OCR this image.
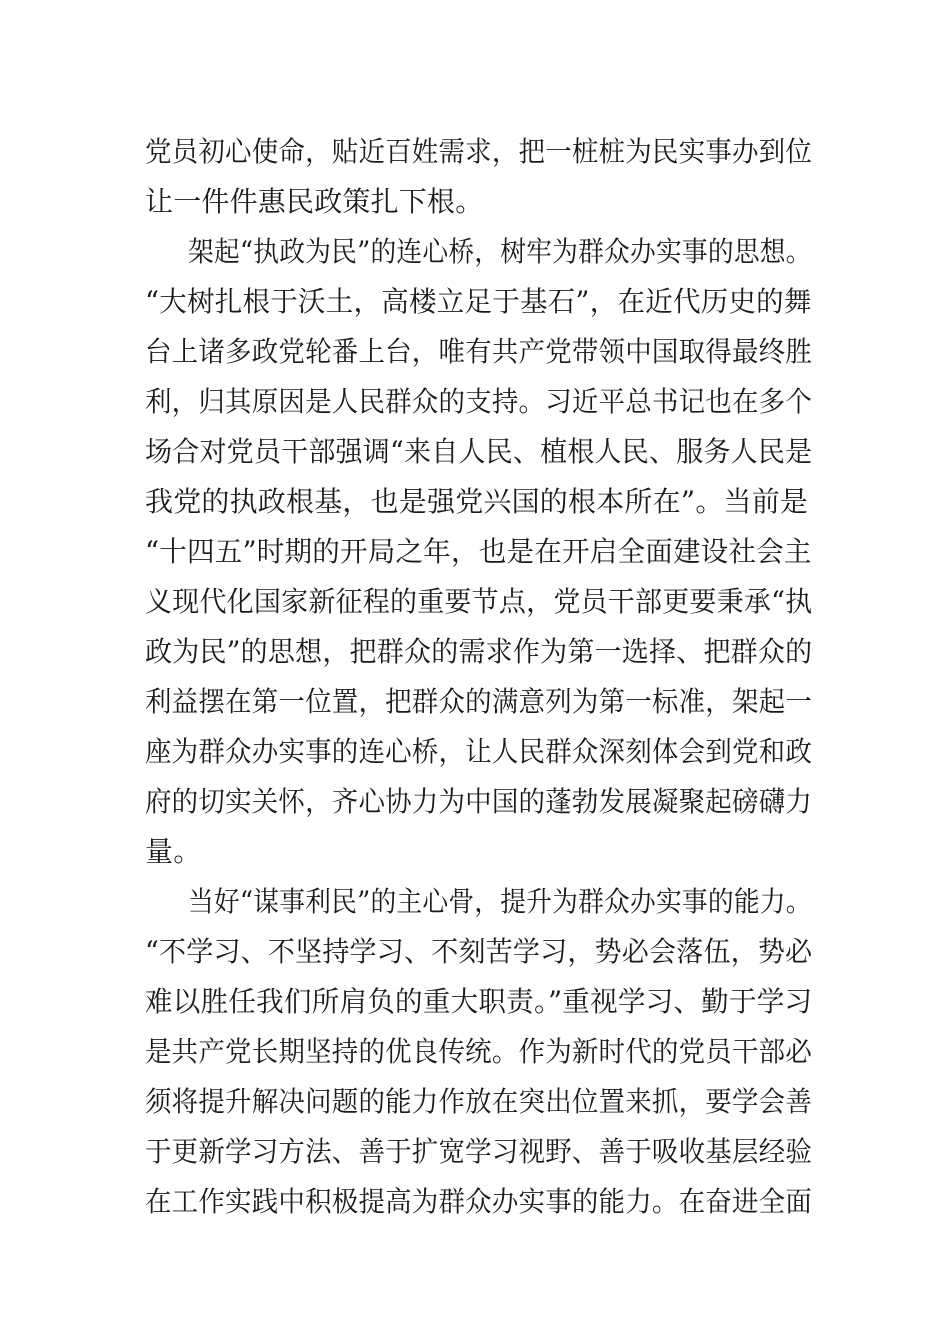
党员初心使命，贴近百姓需求，把一桩桩为民实事办到位
让一件件惠民政策扎下根。
架起“执政为民”的连心桥，树牢为群众办实事的思想。
“大树扎根于沃土，高楼立足于基石”，在近代历史的舞
台上诸多政党轮番上台，唯有共产党带领中国取得最终胜
利，归其原因是人民群众的支持。习近平总书记也在多个
场合对党员干部强调“来自人民、植根人民、服务人民是
我党的执政根基，也是强党兴国的根本所在”。当前是
“十四五”时期的开局之年，也是在开启全面建设社会主
义现代化国家新征程的重要节点，党员干部更要秉承“执
政为民”的思想，把群众的需求作为第一选择、把群众的
利益摆在第一位置，把群众的满意列为第一标准，架起一
座为群众办实事的连心桥，让人民群众深刻体会到党和政
府的切实关怀，齐心协力为中国的蓬勃发展凝聚起磅礴力
量。
当好“谋事利民”的主心骨，提升为群众办实事的能力。
“不学习、不坚持学习、不刻苦学习，势必会落伍，势必
难以胜任我们所肩负的重大职责。”重视学习、勤于学习
是共产党长期坚持的优良传统。作为新时代的党员干部必
须将提升解决问题的能力作放在突出位置来抓，要学会善
于更新学习方法、善于扩宽学习视野、善于吸收基层经验
在工作实践中积极提高为群众办实事的能力。在奋进全面
